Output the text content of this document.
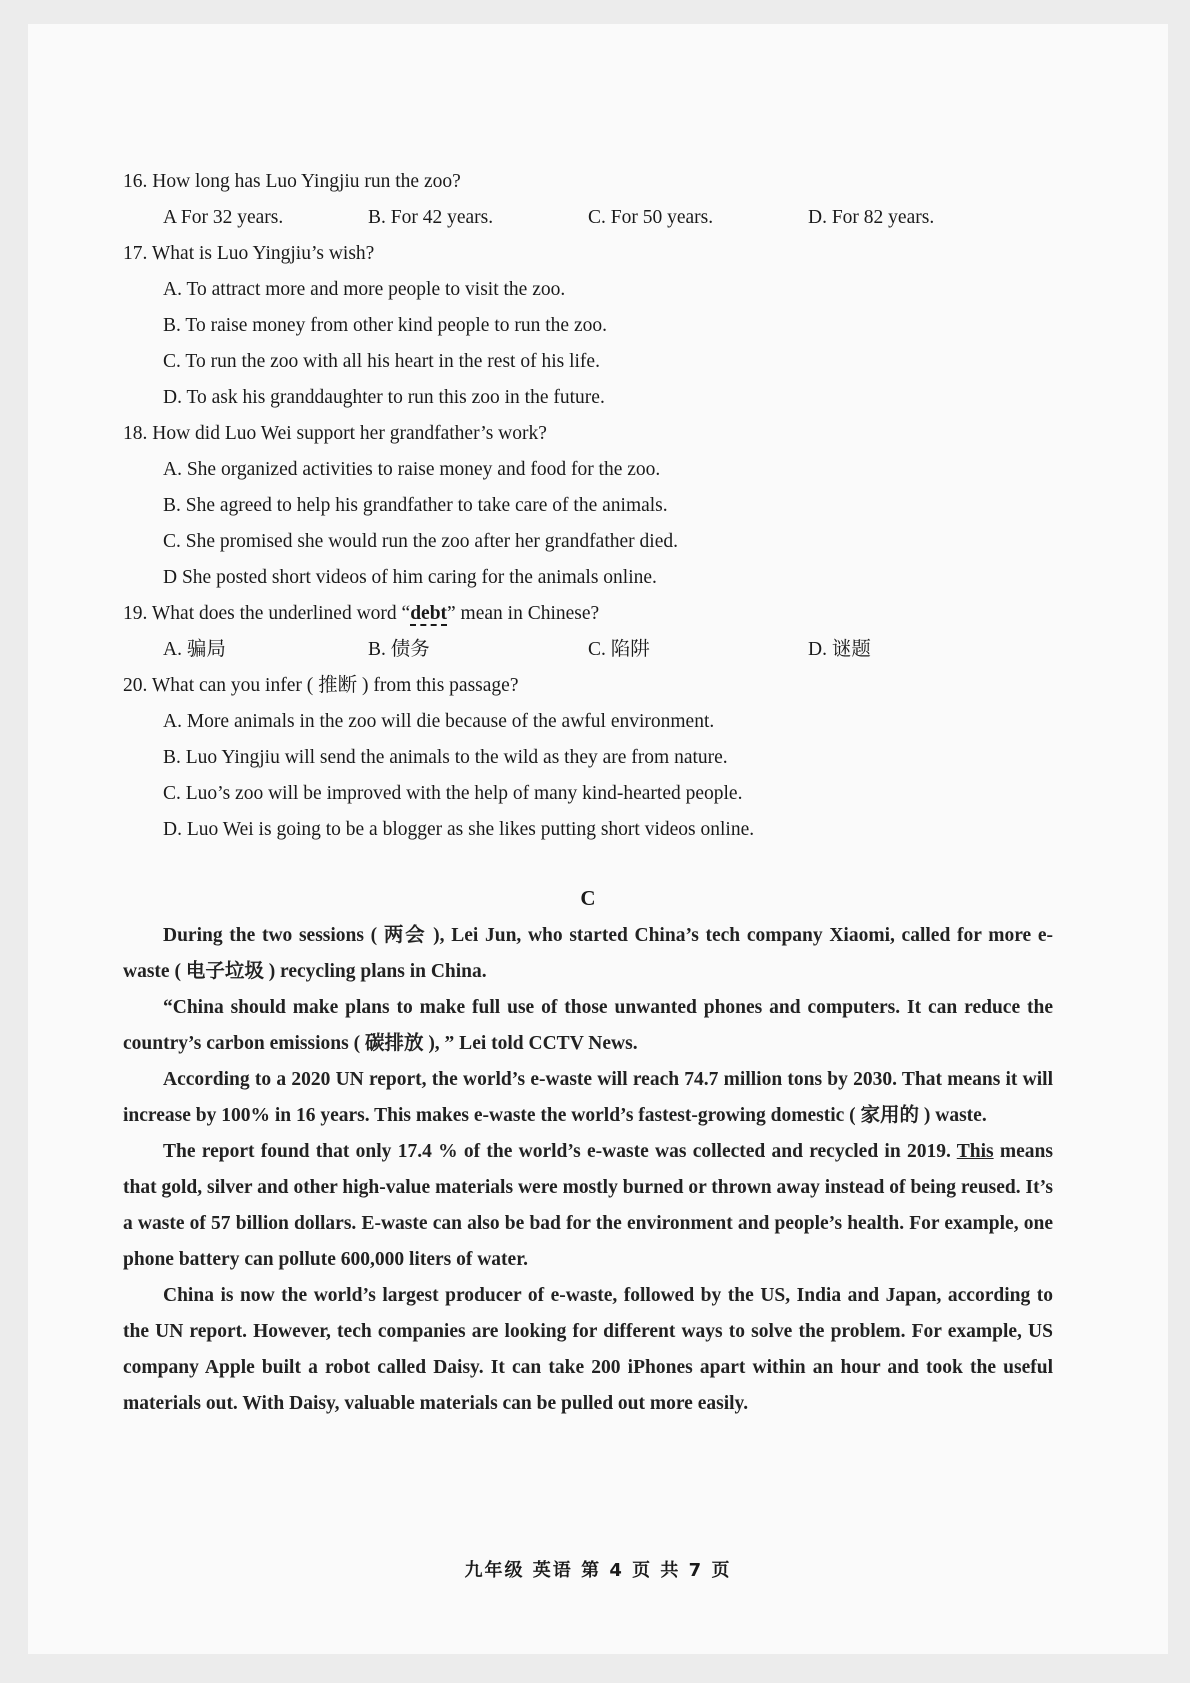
16. How long has Luo Yingjiu run the zoo?
A For 32 years.	B. For 42 years.	C. For 50 years.	D. For 82 years.
17. What is Luo Yingjiu’s wish?
A. To attract more and more people to visit the zoo.
B. To raise money from other kind people to run the zoo.
C. To run the zoo with all his heart in the rest of his life.
D. To ask his granddaughter to run this zoo in the future.
18. How did Luo Wei support her grandfather’s work?
A. She organized activities to raise money and food for the zoo.
B. She agreed to help his grandfather to take care of the animals.
C. She promised she would run the zoo after her grandfather died.
D She posted short videos of him caring for the animals online.
19. What does the underlined word “debt” mean in Chinese?
A. 骗局	B. 债务	C. 陷阱	D. 谜题
20. What can you infer ( 推断 ) from this passage?
A. More animals in the zoo will die because of the awful environment.
B. Luo Yingjiu will send the animals to the wild as they are from nature.
C. Luo’s zoo will be improved with the help of many kind-hearted people.
D. Luo Wei is going to be a blogger as she likes putting short videos online.
C

During the two sessions ( 两会 ), Lei Jun, who started China’s tech company Xiaomi, called for more e-waste ( 电子垃圾 ) recycling plans in China.

“China should make plans to make full use of those unwanted phones and computers. It can reduce the country’s carbon emissions ( 碳排放 ), ” Lei told CCTV News.

According to a 2020 UN report, the world’s e-waste will reach 74.7 million tons by 2030. That means it will increase by 100% in 16 years. This makes e-waste the world’s fastest-growing domestic ( 家用的 ) waste.

The report found that only 17.4 % of the world’s e-waste was collected and recycled in 2019. This means that gold, silver and other high-value materials were mostly burned or thrown away instead of being reused. It’s a waste of 57 billion dollars. E-waste can also be bad for the environment and people’s health. For example, one phone battery can pollute 600,000 liters of water.

China is now the world’s largest producer of e-waste, followed by the US, India and Japan, according to the UN report. However, tech companies are looking for different ways to solve the problem. For example, US company Apple built a robot called Daisy. It can take 200 iPhones apart within an hour and took the useful materials out. With Daisy, valuable materials can be pulled out more easily.

九年级 英语 第 4 页 共 7 页
